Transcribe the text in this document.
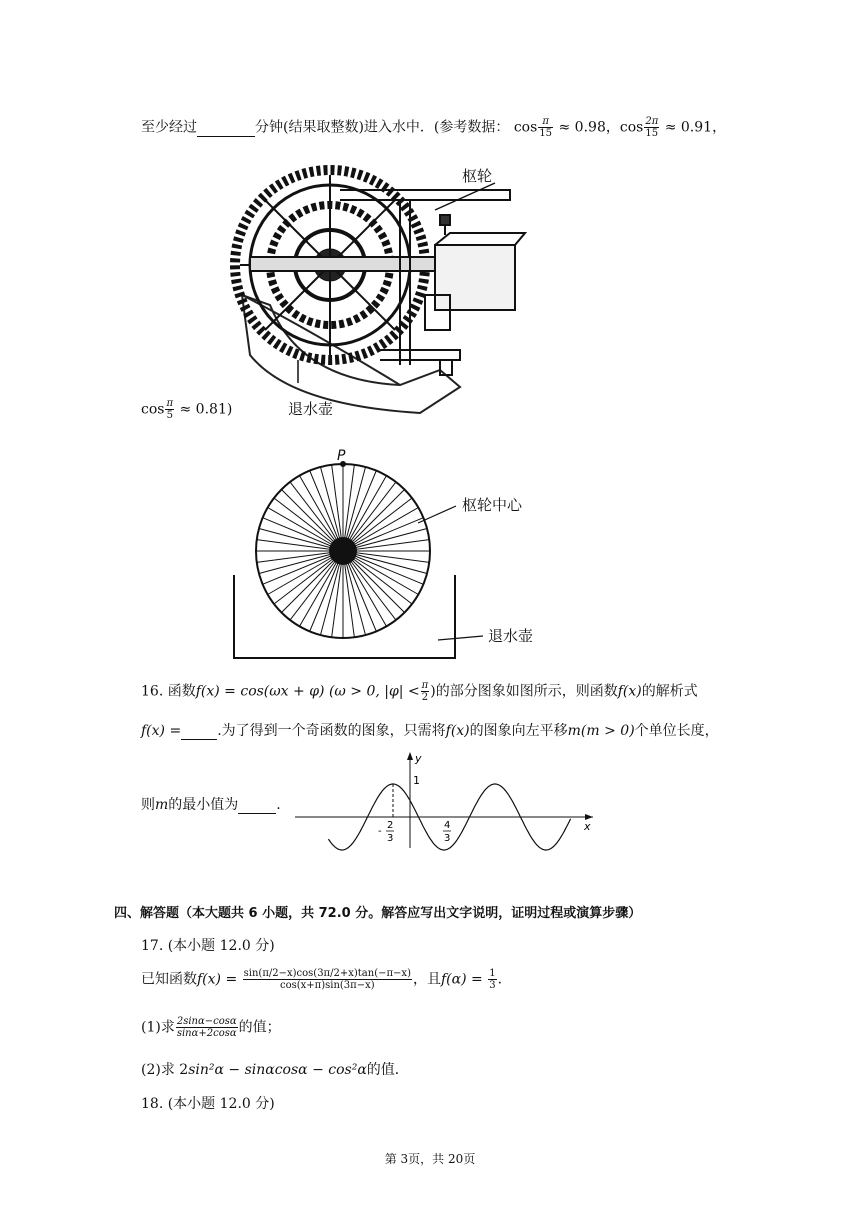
至少经过	分钟(结果取整数)进入水中．(参考数据： $\cos \frac{\pi}{15} \approx 0.98$，$\cos \frac{2\pi}{15} \approx 0.91$，
枢轮
退水壶
$\cos \frac{\pi}{5} \approx 0.81$)
P
枢轮中心
退水壶
16. 函数f(x) = cos(ωx + φ) (ω > 0, $|\varphi| < \frac{\pi}{2}$ )的部分图象如图所示，则函数f(x)的解析式
f(x) =	.为了得到一个奇函数的图象，只需将f(x)的图象向左平移m(m > 0)个单位长度，
则m的最小值为	.
y
x
1
-
2
3
4
3
四、解答题（本大题共 6 小题，共 72.0 分。解答应写出文字说明，证明过程或演算步骤）
17. (本小题 12.0 分)
已知函数$f(x) = \frac{\sin(\pi/2-x)\cos(3\pi/2+x)\tan(-\pi-x)}{\cos(x+\pi)\sin(3\pi-x)}$ ，且$f(\alpha) = \frac{1}{3}$ .
(1)求 $\frac{2\sin\alpha-\cos\alpha}{\sin\alpha+2\cos\alpha}$ 的值；
(2)求 2sin²α − sinαcosα − cos²α的值．
18. (本小题 12.0 分)
第 3页，共 20页
